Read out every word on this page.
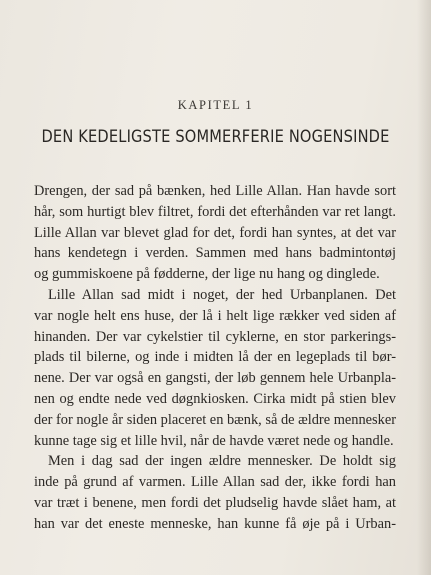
KAPITEL 1
DEN KEDELIGSTE SOMMERFERIE NOGENSINDE
Drengen, der sad på bænken, hed Lille Allan. Han havde sort
hår, som hurtigt blev filtret, fordi det efterhånden var ret langt.
Lille Allan var blevet glad for det, fordi han syntes, at det var
hans kendetegn i verden. Sammen med hans badmintontøj
og gummiskoene på fødderne, der lige nu hang og dinglede.
Lille Allan sad midt i noget, der hed Urbanplanen. Det
var nogle helt ens huse, der lå i helt lige rækker ved siden af
hinanden. Der var cykelstier til cyklerne, en stor parkerings-
plads til bilerne, og inde i midten lå der en legeplads til bør-
nene. Der var også en gangsti, der løb gennem hele Urbanpla-
nen og endte nede ved døgnkiosken. Cirka midt på stien blev
der for nogle år siden placeret en bænk, så de ældre mennesker
kunne tage sig et lille hvil, når de havde været nede og handle.
Men i dag sad der ingen ældre mennesker. De holdt sig
inde på grund af varmen. Lille Allan sad der, ikke fordi han
var træt i benene, men fordi det pludselig havde slået ham, at
han var det eneste menneske, han kunne få øje på i Urban-
